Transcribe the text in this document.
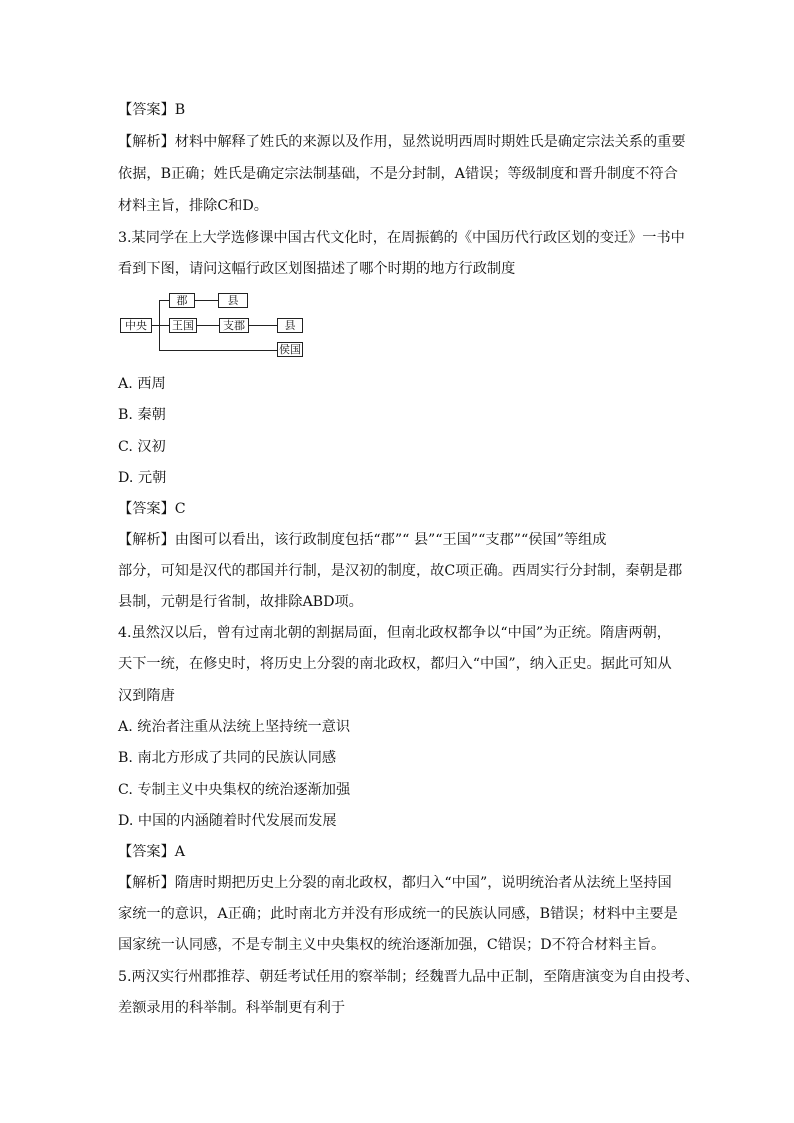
【答案】B
【解析】材料中解释了姓氏的来源以及作用，显然说明西周时期姓氏是确定宗法关系的重要
依据，B正确；姓氏是确定宗法制基础，不是分封制，A错误；等级制度和晋升制度不符合
材料主旨，排除C和D。
3.某同学在上大学选修课中国古代文化时，在周振鹤的《中国历代行政区划的变迁》一书中
看到下图，请问这幅行政区划图描述了哪个时期的地方行政制度
中央
郡	县
王国	支郡	县
侯国
A. 西周
B. 秦朝
C. 汉初
D. 元朝
【答案】C
【解析】由图可以看出，该行政制度包括“郡”“ 县”“王国”“支郡”“侯国”等组成
部分，可知是汉代的郡国并行制，是汉初的制度，故C项正确。西周实行分封制，秦朝是郡
县制，元朝是行省制，故排除ABD项。
4.虽然汉以后，曾有过南北朝的割据局面，但南北政权都争以“中国”为正统。隋唐两朝，
天下一统，在修史时，将历史上分裂的南北政权，都归入“中国”，纳入正史。据此可知从
汉到隋唐
A. 统治者注重从法统上坚持统一意识
B. 南北方形成了共同的民族认同感
C. 专制主义中央集权的统治逐渐加强
D. 中国的内涵随着时代发展而发展
【答案】A
【解析】隋唐时期把历史上分裂的南北政权，都归入“中国”，说明统治者从法统上坚持国
家统一的意识，A正确；此时南北方并没有形成统一的民族认同感，B错误；材料中主要是
国家统一认同感，不是专制主义中央集权的统治逐渐加强，C错误；D不符合材料主旨。
5.两汉实行州郡推荐、朝廷考试任用的察举制；经魏晋九品中正制，至隋唐演变为自由投考、
差额录用的科举制。科举制更有利于
